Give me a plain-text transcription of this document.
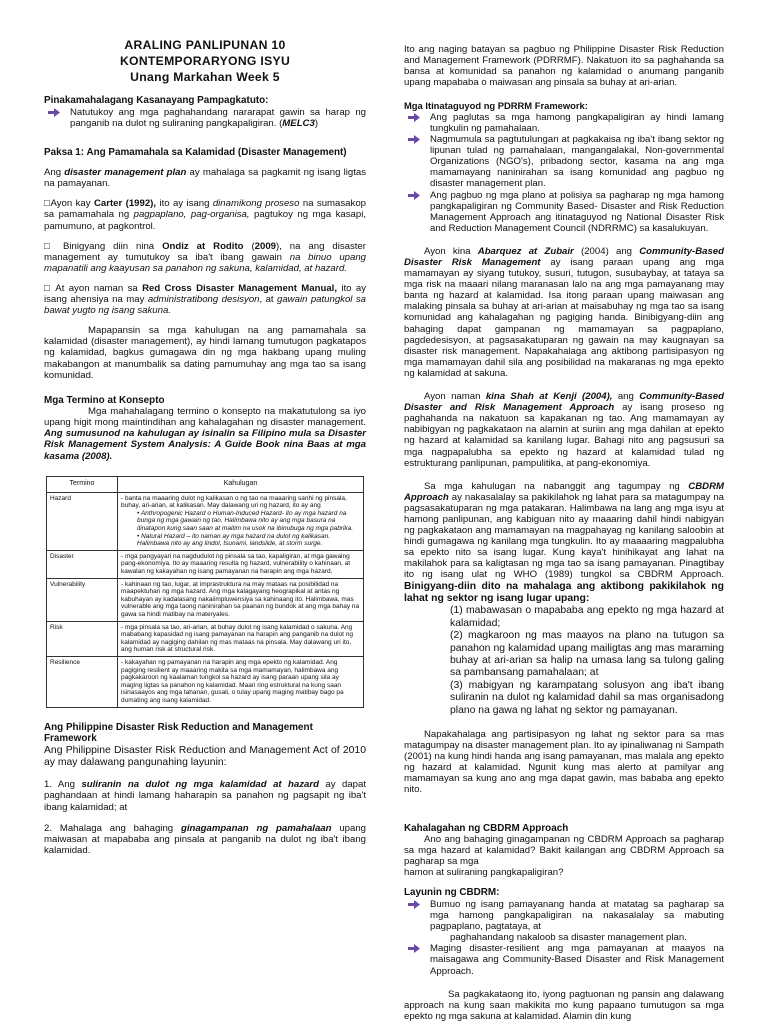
ARALING PANLIPUNAN 10
KONTEMPORARYONG ISYU
Unang Markahan Week 5

Pinakamahalagang Kasanayang Pampagkatuto:

Natutukoy ang mga paghahandang nararapat gawin sa harap ng panganib na dulot ng suliraning pangkapaligiran. (MELC3)

Paksa 1: Ang Pamamahala sa Kalamidad (Disaster Management)

Ang disaster management plan ay mahalaga sa pagkamit ng isang ligtas na pamayanan.

□Ayon kay Carter (1992), ito ay isang dinamikong proseso na sumasakop sa pamamahala ng pagpaplano, pag-organisa, pagtukoy ng mga kasapi, pamumuno, at pagkontrol.

□ Binigyang diin nina Ondiz at Rodito (2009), na ang disaster management ay tumutukoy sa iba't ibang gawain na binuo upang mapanatili ang kaayusan sa panahon ng sakuna, kalamidad, at hazard.

□ At ayon naman sa Red Cross Disaster Management Manual, ito ay isang ahensiya na may administratibong desisyon, at gawain patungkol sa bawat yugto ng isang sakuna.

Mapapansin sa mga kahulugan na ang pamamahala sa kalamidad (disaster management), ay hindi lamang tumutugon pagkatapos ng kalamidad, bagkus gumagawa din ng mga hakbang upang muling makabangon at manumbalik sa dating pamumuhay ang mga tao sa isang komunidad.

Mga Termino at Konsepto

Mga mahahalagang termino o konsepto na makatutulong sa iyo upang higit mong maintindihan ang kahalagahan ng disaster management. Ang sumusunod na kahulugan ay isinalin sa Filipino mula sa Disaster Risk Management System Analysis: A Guide Book nina Baas at mga kasama (2008).

Termino	Kahulugan
Hazard	- banta na maaaring dulot ng kalikasan o ng tao na maaaring sanhi ng pinsala, buhay, ari-arian, at kalikasan. May dalawang uri ng hazard, ito ay ang
• Anthropogenic Hazard o Human-Induced Hazard- ito ay mga hazard na bunga ng mga gawain ng tao. Halimbawa nito ay ang mga basura na itinatapon kung saan saan at maitim na usok na ibinubuga ng mga pabrika.
• Natural Hazard – ito naman ay mga hazard na dulot ng kalikasan. Halimbawa nito ay ang lindol, tsunami, landslide, at storm surge.

Disaster	- mga pangyayari na nagdudulot ng pinsala sa tao, kapaligiran, at mga gawaing pang-ekonomiya. Ito ay maaaring resulta ng hazard, vulnerability o kahinaan, at kawalan ng kakayahan ng isang pamayanan na harapin ang mga hazard.
Vulnerability	- kahinaan ng tao, lugar, at imprastruktura na may mataas na posibilidad na maapektuhan ng mga hazard. Ang mga kalagayang heograpikal at antas ng kabuhayan ay kadalasang nakaiimpluwensiya sa kahinaang ito. Halimbawa, mas vulnerable ang mga taong naninirahan sa paanan ng bundok at ang mga bahay na gawa sa hindi matibay na materyales.
Risk	- mga pinsala sa tao, ari-arian, at buhay dulot ng isang kalamidad o sakuna. Ang mababang kapasidad ng isang pamayanan na harapin ang panganib na dulot ng kalamidad ay nagiging dahilan ng mas mataas na pinsala. May dalawang uri ito, ang human risk at structural risk.
Resilience	- kakayahan ng pamayanan na harapin ang mga epekto ng kalamidad. Ang pagiging resilient ay maaaring makita sa mga mamamayan, halimbawa ang pagkakaroon ng kaalaman tungkol sa hazard ay isang paraan upang sila ay maging ligtas sa panahon ng kalamidad. Maari ring estruktural na kung saan isinasaayos ang mga tahanan, gusali, o tulay upang maging matibay bago pa dumating ang isang kalamidad.

Ang Philippine Disaster Risk Reduction and Management Framework

Ang Philippine Disaster Risk Reduction and Management Act of 2010 ay may dalawang pangunahing layunin:

1. Ang suliranin na dulot ng mga kalamidad at hazard ay dapat paghandaan at hindi lamang haharapin sa panahon ng pagsapit ng iba't ibang kalamidad; at

2. Mahalaga ang bahaging ginagampanan ng pamahalaan upang maiwasan at mapababa ang pinsala at panganib na dulot ng iba't ibang kalamidad.

Ito ang naging batayan sa pagbuo ng Philippine Disaster Risk Reduction and Management Framework (PDRRMF). Nakatuon ito sa paghahanda sa bansa at komunidad sa panahon ng kalamidad o anumang panganib upang mapababa o maiwasan ang pinsala sa buhay at ari-arian.

Mga Itinataguyod ng PDRRM Framework:

Ang paglutas sa mga hamong pangkapaligiran ay hindi lamang tungkulin ng pamahalaan.
Nagmumula sa pagtutulungan at pagkakaisa ng iba't ibang sektor ng lipunan tulad ng pamahalaan, mangangalakal, Non-governmental Organizations (NGO's), pribadong sector, kasama na ang mga mamamayang naninirahan sa isang komunidad ang pagbuo ng disaster management plan.
Ang pagbuo ng mga plano at polisiya sa pagharap ng mga hamong pangkapaligiran ng Community Based- Disaster and Risk Reduction Management Approach ang itinataguyod ng National Disaster Risk and Reduction Management Council (NDRRMC) sa kasalukuyan.

Ayon kina Abarquez at Zubair (2004) ang Community-Based Disaster Risk Management ay isang paraan upang ang mga mamamayan ay siyang tutukoy, susuri, tutugon, susubaybay, at tataya sa mga risk na maaari nilang maranasan lalo na ang mga pamayanang may banta ng hazard at kalamidad. Isa itong paraan upang maiwasan ang malaking pinsala sa buhay at ari-arian at maisabuhay ng mga tao sa isang komunidad ang kahalagahan ng pagiging handa. Binibigyang-diin ang bahaging dapat gampanan ng mamamayan sa pagpaplano, pagdedesisyon, at pagsasakatuparan ng gawain na may kaugnayan sa disaster risk management. Napakahalaga ang aktibong partisipasyon ng mga mamamayan dahil sila ang posibilidad na makaranas ng mga epekto ng kalamidad at sakuna.

Ayon naman kina Shah at Kenji (2004), ang Community-Based Disaster and Risk Management Approach ay isang proseso ng paghahanda na nakatuon sa kapakanan ng tao. Ang mamamayan ay nabibigyan ng pagkakataon na alamin at suriin ang mga dahilan at epekto ng hazard at kalamidad sa kanilang lugar. Bahagi nito ang pagsusuri sa mga nagpapalubha sa epekto ng hazard at kalamidad tulad ng estrukturang panlipunan, pampulitika, at pang-ekonomiya.

Sa mga kahulugan na nabanggit ang tagumpay ng CBDRM Approach ay nakasalalay sa pakikilahok ng lahat para sa matagumpay na pagsasakatuparan ng mga patakaran. Halimbawa na lang ang mga isyu at hamong panlipunan, ang kabiguan nito ay maaaring dahil hindi nabigyan ng pagkakataon ang mamamayan na magpahayag ng kanilang saloobin at hindi gumagawa ng kanilang mga tungkulin. Ito ay maaaaring magpalubha sa epekto nito sa isang lugar. Kung kaya't hinihikayat ang lahat na makilahok para sa kaligtasan ng mga tao sa isang pamayanan. Pinagtibay ito ng isang ulat ng WHO (1989) tungkol sa CBDRM Approach. Binigyang-diin dito na mahalaga ang aktibong pakikilahok ng lahat ng sektor ng isang lugar upang:

(1) mabawasan o mapababa ang epekto ng mga hazard at kalamidad;

(2) magkaroon ng mas maayos na plano na tutugon sa panahon ng kalamidad upang mailigtas ang mas maraming buhay at ari-arian sa halip na umasa lang sa tulong galing sa pambansang pamahalaan; at

(3) mabigyan ng karampatang solusyon ang iba't ibang suliranin na dulot ng kalamidad dahil sa mas organisadong plano na gawa ng lahat ng sektor ng pamayanan.

Napakahalaga ang partisipasyon ng lahat ng sektor para sa mas matagumpay na disaster management plan. Ito ay ipinaliwanag ni Sampath (2001) na kung hindi handa ang isang pamayanan, mas malala ang epekto ng hazard at kalamidad. Ngunit kung mas alerto at pamilyar ang mamamayan sa kung ano ang mga dapat gawin, mas bababa ang epekto nito.

Kahalagahan ng CBDRM Approach

Ano ang bahaging ginagampanan ng CBDRM Approach sa pagharap sa mga hazard at kalamidad? Bakit kailangan ang CBDRM Approach sa pagharap sa mga

hamon at suliraning pangkapaligiran?

Layunin ng CBDRM:

Bumuo ng isang pamayanang handa at matatag sa pagharap sa mga hamong pangkapaligiran na nakasalalay sa mabuting pagpaplano, pagtataya, at

paghahandang nakaloob sa disaster management plan.

Maging disaster-resilient ang mga pamayanan at maayos na maisagawa ang Community-Based Disaster and Risk Management Approach.

Sa pagkakataong ito, iyong pagtuonan ng pansin ang dalawang approach na kung saan makikita mo kung papaano tumutugon sa mga epekto ng mga sakuna at kalamidad. Alamin din kung
